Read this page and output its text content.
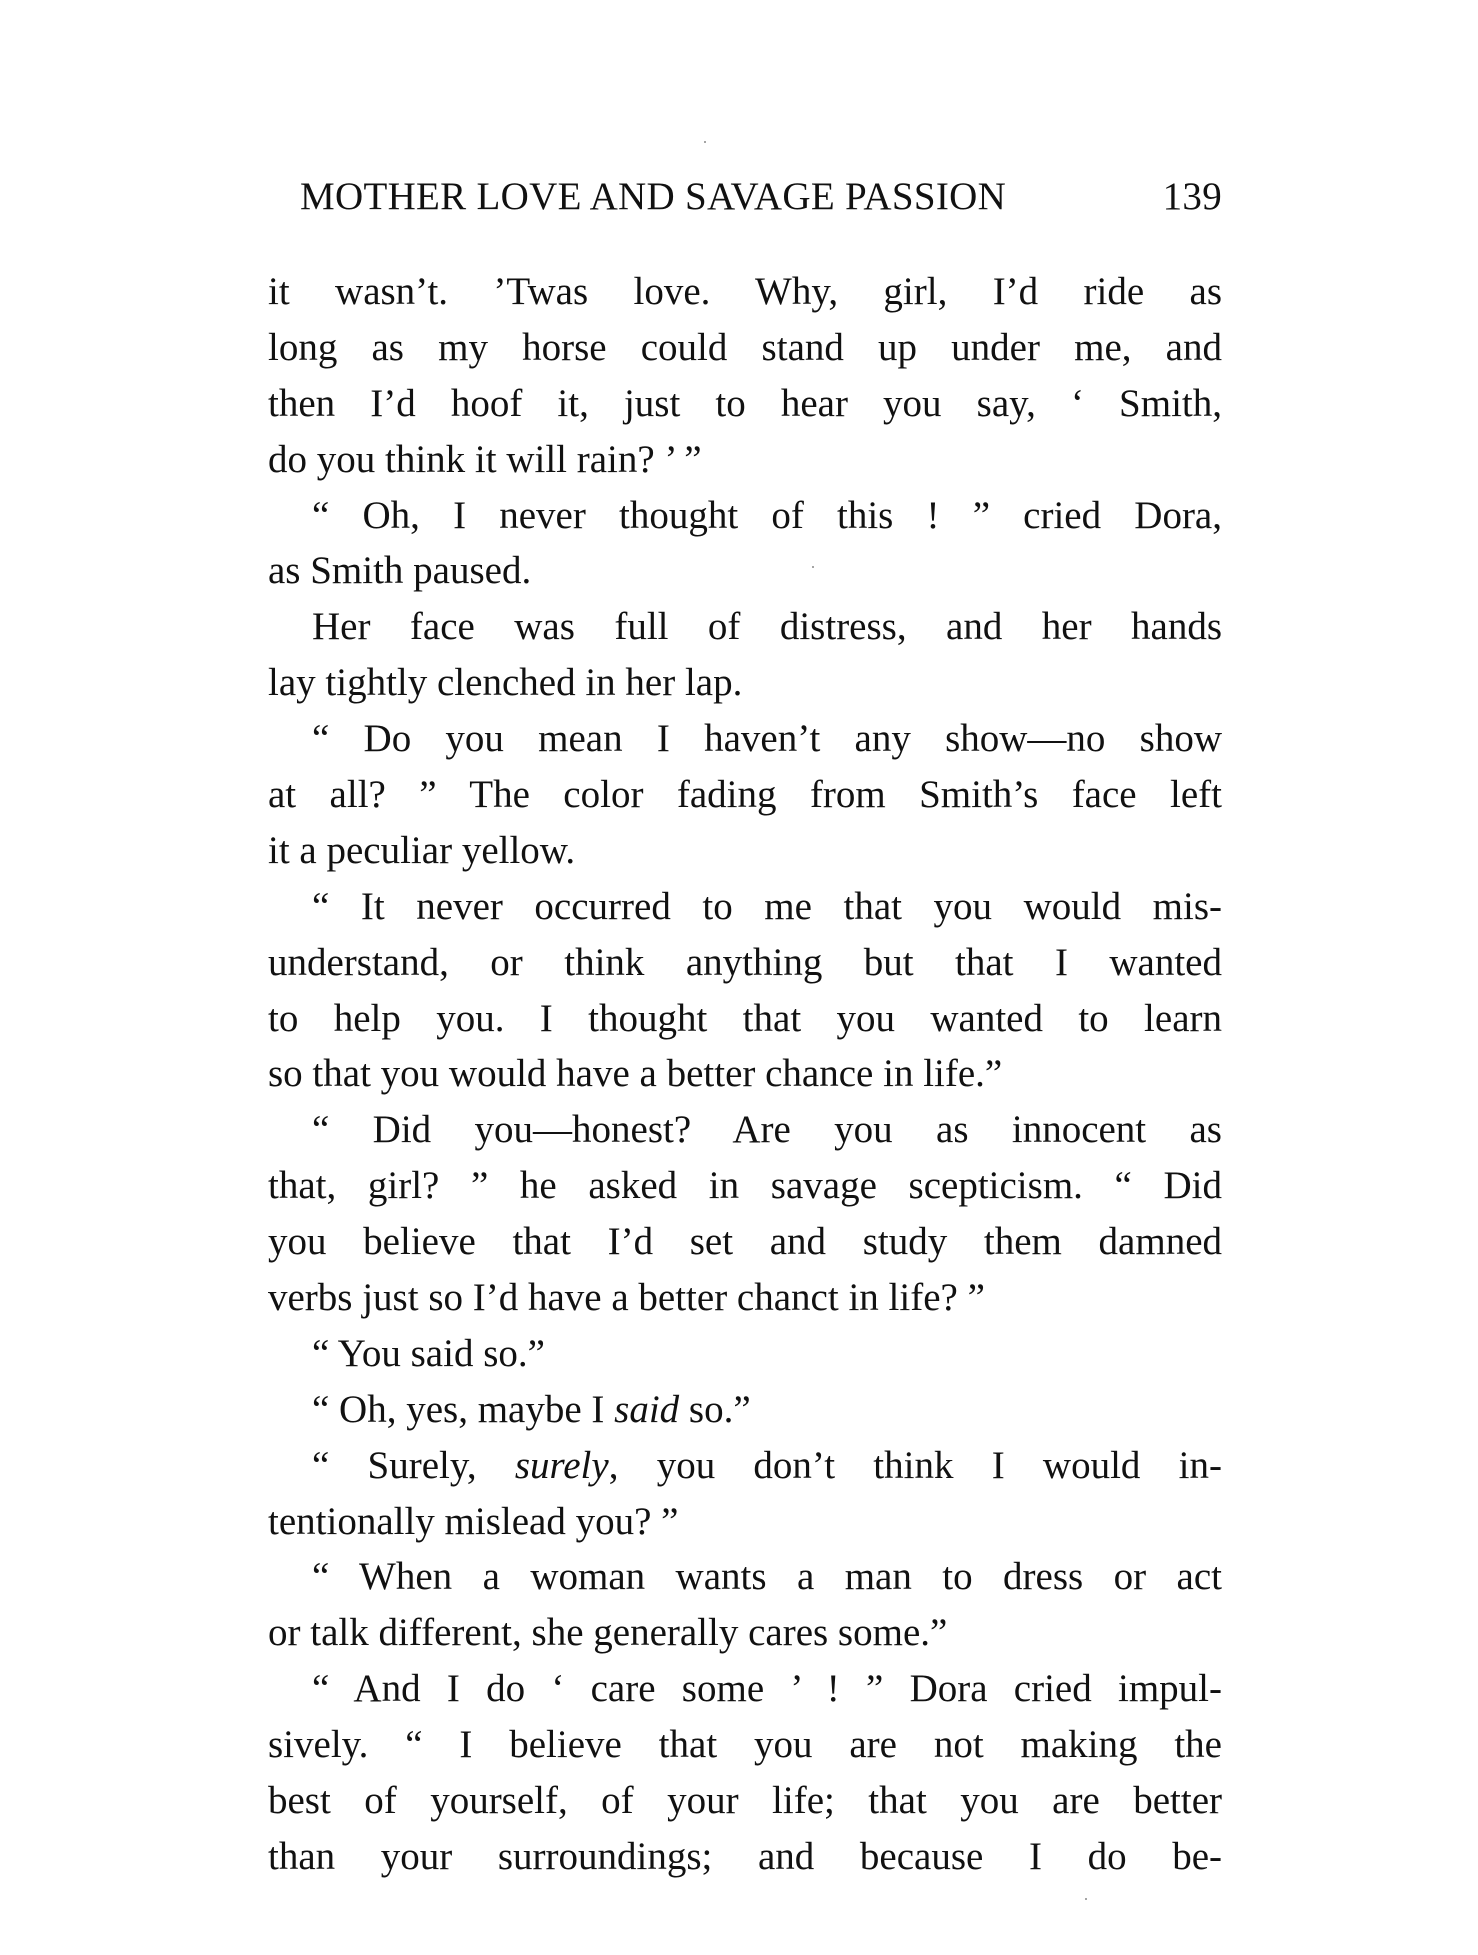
MOTHER LOVE AND SAVAGE PASSION	139
it wasn’t. ’Twas love. Why, girl, I’d ride as
long as my horse could stand up under me, and
then I’d hoof it, just to hear you say, ‘ Smith,
do you think it will rain? ’ ”
“ Oh, I never thought of this ! ” cried Dora,
as Smith paused.
Her face was full of distress, and her hands
lay tightly clenched in her lap.
“ Do you mean I haven’t any show—no show
at all? ” The color fading from Smith’s face left
it a peculiar yellow.
“ It never occurred to me that you would mis-
understand, or think anything but that I wanted
to help you. I thought that you wanted to learn
so that you would have a better chance in life.”
“ Did you—honest? Are you as innocent as
that, girl? ” he asked in savage scepticism. “ Did
you believe that I’d set and study them damned
verbs just so I’d have a better chanct in life? ”
“ You said so.”
“ Oh, yes, maybe I said so.”
“ Surely, surely, you don’t think I would in-
tentionally mislead you? ”
“ When a woman wants a man to dress or act
or talk different, she generally cares some.”
“ And I do ‘ care some ’ ! ” Dora cried impul-
sively. “ I believe that you are not making the
best of yourself, of your life; that you are better
than your surroundings; and because I do be-
